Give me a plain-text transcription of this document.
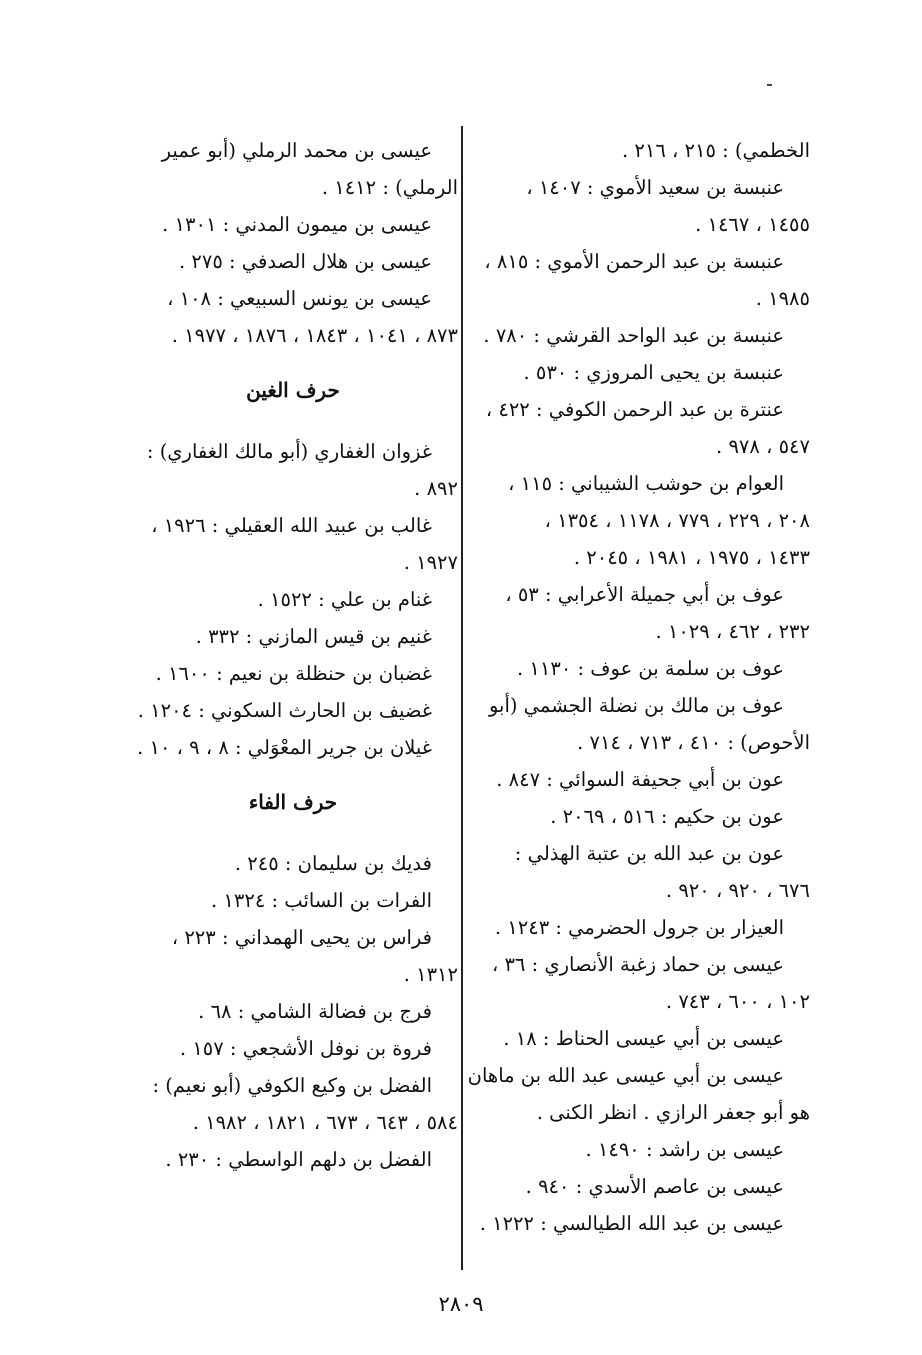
الخطمي) : ٢١٥ ، ٢١٦ .
عنبسة بن سعيد الأموي : ١٤٠٧ ،
١٤٥٥ ، ١٤٦٧ .
عنبسة بن عبد الرحمن الأموي : ٨١٥ ،
١٩٨٥ .
عنبسة بن عبد الواحد القرشي : ٧٨٠ .
عنبسة بن يحيى المروزي : ٥٣٠ .
عنترة بن عبد الرحمن الكوفي : ٤٢٢ ،
٥٤٧ ، ٩٧٨ .
العوام بن حوشب الشيباني : ١١٥ ،
٢٠٨ ، ٢٢٩ ، ٧٧٩ ، ١١٧٨ ، ١٣٥٤ ،
١٤٣٣ ، ١٩٧٥ ، ١٩٨١ ، ٢٠٤٥ .
عوف بن أبي جميلة الأعرابي : ٥٣ ،
٢٣٢ ، ٤٦٢ ، ١٠٢٩ .
عوف بن سلمة بن عوف : ١١٣٠ .
عوف بن مالك بن نضلة الجشمي (أبو
الأحوص) : ٤١٠ ، ٧١٣ ، ٧١٤ .
عون بن أبي جحيفة السوائي : ٨٤٧ .
عون بن حكيم : ٥١٦ ، ٢٠٦٩ .
عون بن عبد الله بن عتبة الهذلي :
٦٧٦ ، ٩٢٠ ، ٩٢٠ .
العيزار بن جرول الحضرمي : ١٢٤٣ .
عيسى بن حماد زغبة الأنصاري : ٣٦ ،
١٠٢ ، ٦٠٠ ، ٧٤٣ .
عيسى بن أبي عيسى الحناط : ١٨ .
عيسى بن أبي عيسى عبد الله بن ماهان
هو أبو جعفر الرازي . انظر الكنى .
عيسى بن راشد : ١٤٩٠ .
عيسى بن عاصم الأسدي : ٩٤٠ .
عيسى بن عبد الله الطيالسي : ١٢٢٢ .
عيسى بن محمد الرملي (أبو عمير
الرملي) : ١٤١٢ .
عيسى بن ميمون المدني : ١٣٠١ .
عيسى بن هلال الصدفي : ٢٧٥ .
عيسى بن يونس السبيعي : ١٠٨ ،
٨٧٣ ، ١٠٤١ ، ١٨٤٣ ، ١٨٧٦ ، ١٩٧٧ .
حرف الغين
غزوان الغفاري (أبو مالك الغفاري) :
٨٩٢ .
غالب بن عبيد الله العقيلي : ١٩٢٦ ،
١٩٢٧ .
غنام بن علي : ١٥٢٢ .
غنيم بن قيس المازني : ٣٣٢ .
غضبان بن حنظلة بن نعيم : ١٦٠٠ .
غضيف بن الحارث السكوني : ١٢٠٤ .
غيلان بن جرير المعْوَلي : ٨ ، ٩ ، ١٠ .
حرف الفاء
فديك بن سليمان : ٢٤٥ .
الفرات بن السائب : ١٣٢٤ .
فراس بن يحيى الهمداني : ٢٢٣ ،
١٣١٢ .
فرج بن فضالة الشامي : ٦٨ .
فروة بن نوفل الأشجعي : ١٥٧ .
الفضل بن وكيع الكوفي (أبو نعيم) :
٥٨٤ ، ٦٤٣ ، ٦٧٣ ، ١٨٢١ ، ١٩٨٢ .
الفضل بن دلهم الواسطي : ٢٣٠ .
٢٨٠٩
